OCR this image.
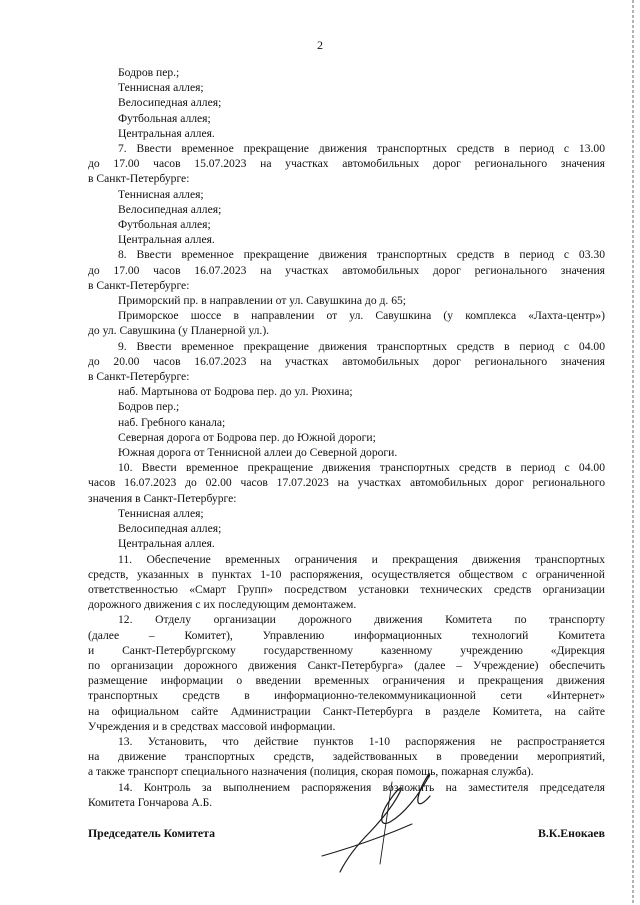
2
Бодров пер.;
Теннисная аллея;
Велосипедная аллея;
Футбольная аллея;
Центральная аллея.
7. Ввести временное прекращение движения транспортных средств в период с 13.00
до 17.00 часов 15.07.2023 на участках автомобильных дорог регионального значения
в Санкт-Петербурге:
Теннисная аллея;
Велосипедная аллея;
Футбольная аллея;
Центральная аллея.
8. Ввести временное прекращение движения транспортных средств в период с 03.30
до 17.00 часов 16.07.2023 на участках автомобильных дорог регионального значения
в Санкт-Петербурге:
Приморский пр. в направлении от ул. Савушкина до д. 65;
Приморское шоссе в направлении от ул. Савушкина (у комплекса «Лахта-центр»)
до ул. Савушкина (у Планерной ул.).
9. Ввести временное прекращение движения транспортных средств в период с 04.00
до 20.00 часов 16.07.2023 на участках автомобильных дорог регионального значения
в Санкт-Петербурге:
наб. Мартынова от Бодрова пер. до ул. Рюхина;
Бодров пер.;
наб. Гребного канала;
Северная дорога от Бодрова пер. до Южной дороги;
Южная дорога от Теннисной аллеи до Северной дороги.
10. Ввести временное прекращение движения транспортных средств в период с 04.00
часов 16.07.2023 до 02.00 часов 17.07.2023 на участках автомобильных дорог регионального
значения в Санкт-Петербурге:
Теннисная аллея;
Велосипедная аллея;
Центральная аллея.
11. Обеспечение временных ограничения и прекращения движения транспортных
средств, указанных в пунктах 1-10 распоряжения, осуществляется обществом с ограниченной
ответственностью «Смарт Групп» посредством установки технических средств организации
дорожного движения с их последующим демонтажем.
12. Отделу организации дорожного движения Комитета по транспорту
(далее – Комитет), Управлению информационных технологий Комитета
и Санкт-Петербургскому государственному казенному учреждению «Дирекция
по организации дорожного движения Санкт-Петербурга» (далее – Учреждение) обеспечить
размещение информации о введении временных ограничения и прекращения движения
транспортных средств в информационно-телекоммуникационной сети «Интернет»
на официальном сайте Администрации Санкт-Петербурга в разделе Комитета, на сайте
Учреждения и в средствах массовой информации.
13. Установить, что действие пунктов 1-10 распоряжения не распространяется
на движение транспортных средств, задействованных в проведении мероприятий,
а также транспорт специального назначения (полиция, скорая помощь, пожарная служба).
14. Контроль за выполнением распоряжения возложить на заместителя председателя
Комитета Гончарова А.Б.
Председатель Комитета	В.К.Енокаев
